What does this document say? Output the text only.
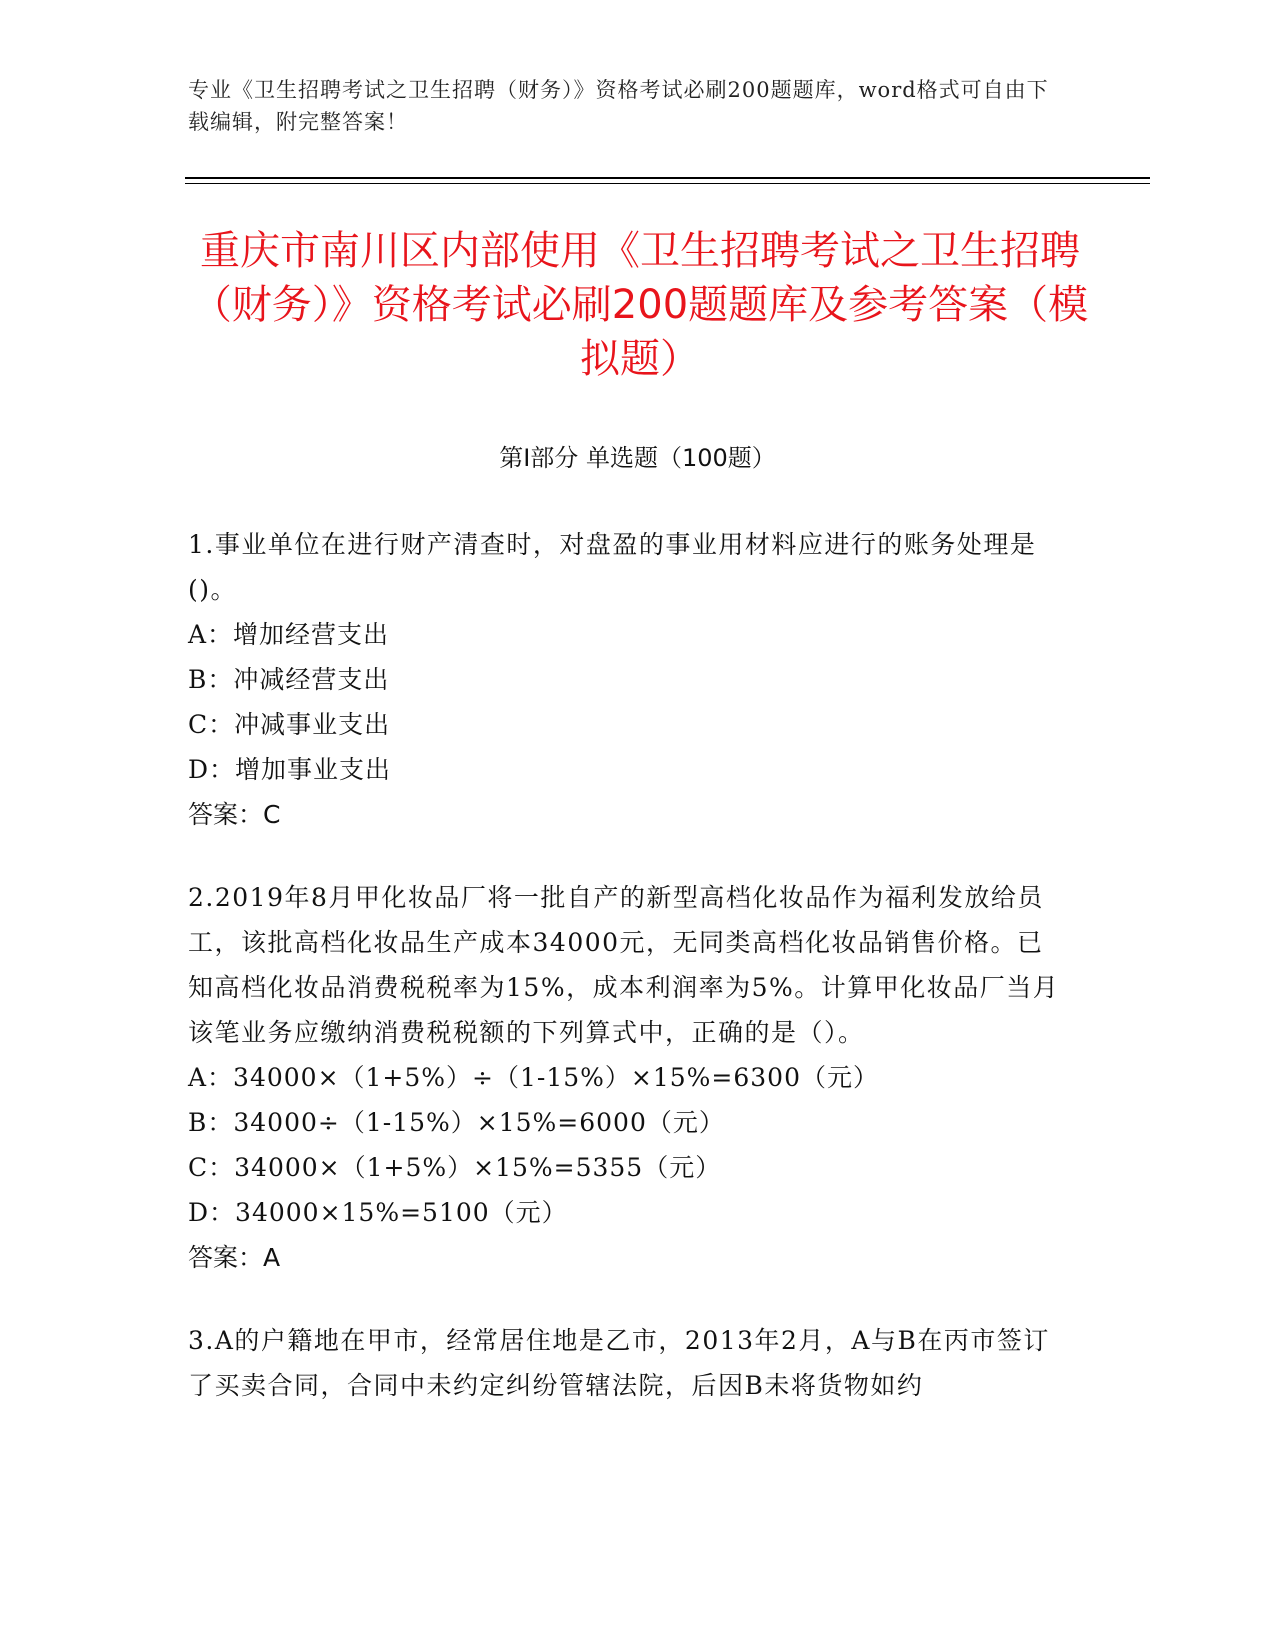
专业《卫生招聘考试之卫生招聘（财务）》资格考试必刷200题题库，word格式可自由下载编辑，附完整答案！
重庆市南川区内部使用《卫生招聘考试之卫生招聘（财务）》资格考试必刷200题题库及参考答案（模拟题）
第Ⅰ部分 单选题（100题）

1.事业单位在进行财产清查时，对盘盈的事业用材料应进行的账务处理是()。

A：增加经营支出

B：冲减经营支出

C：冲减事业支出

D：增加事业支出

答案：C

2.2019年8月甲化妆品厂将一批自产的新型高档化妆品作为福利发放给员工，该批高档化妆品生产成本34000元，无同类高档化妆品销售价格。已知高档化妆品消费税税率为15%，成本利润率为5%。计算甲化妆品厂当月该笔业务应缴纳消费税税额的下列算式中，正确的是（）。

A：34000×（1+5%）÷（1-15%）×15%=6300（元）

B：34000÷（1-15%）×15%=6000（元）

C：34000×（1+5%）×15%=5355（元）

D：34000×15%=5100（元）

答案：A

3.A的户籍地在甲市，经常居住地是乙市，2013年2月，A与B在丙市签订了买卖合同，合同中未约定纠纷管辖法院，后因B未将货物如约
